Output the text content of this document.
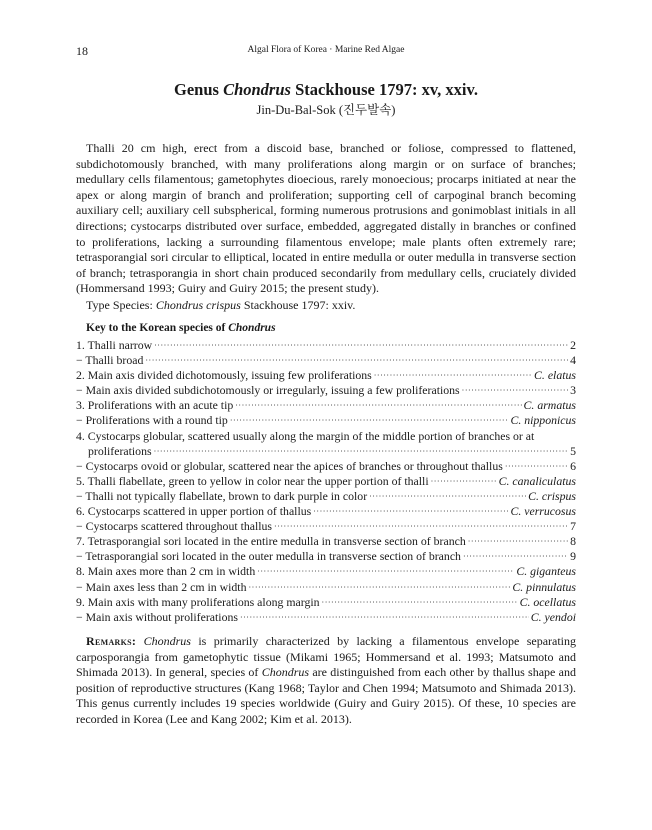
18	Algal Flora of Korea · Marine Red Algae
Genus Chondrus Stackhouse 1797: xv, xxiv.
Jin-Du-Bal-Sok (진두발속)

Thalli 20 cm high, erect from a discoid base, branched or foliose, compressed to flattened, subdichotomously branched, with many proliferations along margin or on surface of branches; medullary cells filamentous; gametophytes dioecious, rarely monoecious; procarps initiated at near the apex or along margin of branch and proliferation; supporting cell of carpoginal branch becoming auxiliary cell; auxiliary cell subspherical, forming numerous protrusions and gonimoblast initials in all directions; cystocarps distributed over surface, embedded, aggregated distally in branches or confined to proliferations, lacking a surrounding filamentous envelope; male plants often extremely rare; tetrasporangial sori circular to elliptical, located in entire medulla or outer medulla in transverse section of branch; tetrasporangia in short chain produced secondarily from medullary cells, cruciately divided (Hommersand 1993; Guiry and Guiry 2015; the present study).

Type Species: Chondrus crispus Stackhouse 1797: xxiv.
Key to the Korean species of Chondrus
1. Thalli narrow ·····	2
− Thalli broad ·····	4
2. Main axis divided dichotomously, issuing few proliferations ·····	C. elatus
− Main axis divided subdichotomously or irregularly, issuing a few proliferations ·····	3
3. Proliferations with an acute tip ·····	C. armatus
− Proliferations with a round tip ·····	C. nipponicus
4. Cystocarps globular, scattered usually along the margin of the middle portion of branches or at
proliferations ·····	5
− Cystocarps ovoid or globular, scattered near the apices of branches or throughout thallus ·····	6
5. Thalli flabellate, green to yellow in color near the upper portion of thalli ·····	C. canaliculatus
− Thalli not typically flabellate, brown to dark purple in color ·····	C. crispus
6. Cystocarps scattered in upper portion of thallus ·····	C. verrucosus
− Cystocarps scattered throughout thallus ·····	7
7. Tetrasporangial sori located in the entire medulla in transverse section of branch ·····	8
− Tetrasporangial sori located in the outer medulla in transverse section of branch ·····	9
8. Main axes more than 2 cm in width ·····	C. giganteus
− Main axes less than 2 cm in width ·····	C. pinnulatus
9. Main axis with many proliferations along margin ·····	C. ocellatus
− Main axis without proliferations ·····	C. yendoi

Remarks: Chondrus is primarily characterized by lacking a filamentous envelope separating carposporangia from gametophytic tissue (Mikami 1965; Hommersand et al. 1993; Matsumoto and Shimada 2013). In general, species of Chondrus are distinguished from each other by thallus shape and position of reproductive structures (Kang 1968; Taylor and Chen 1994; Matsumoto and Shimada 2013). This genus currently includes 19 species worldwide (Guiry and Guiry 2015). Of these, 10 species are recorded in Korea (Lee and Kang 2002; Kim et al. 2013).
